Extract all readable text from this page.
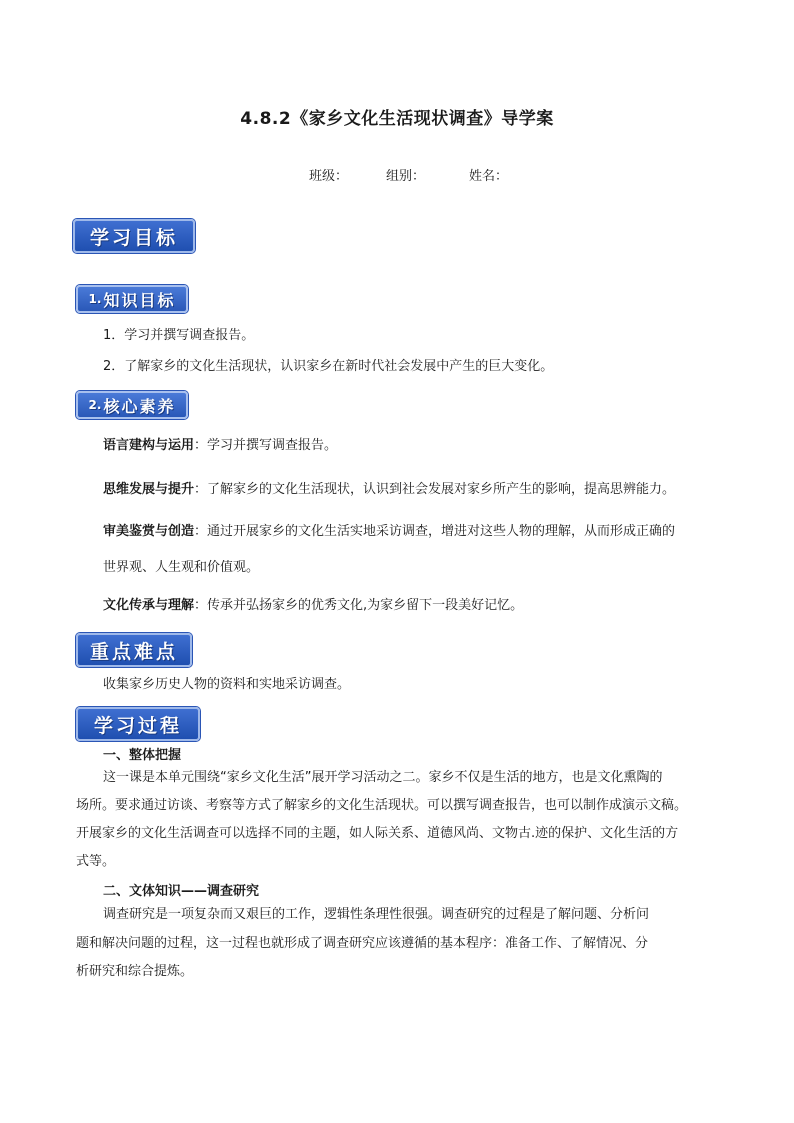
4.8.2《家乡文化生活现状调查》导学案
班级：	组别：	姓名：
学习目标
1. 知识目标
1．学习并撰写调查报告。
2．了解家乡的文化生活现状，认识家乡在新时代社会发展中产生的巨大变化。
2. 核心素养
语言建构与运用：学习并撰写调查报告。
思维发展与提升：了解家乡的文化生活现状，认识到社会发展对家乡所产生的影响，提高思辨能力。
审美鉴赏与创造：通过开展家乡的文化生活实地采访调查，增进对这些人物的理解，从而形成正确的
世界观、人生观和价值观。
文化传承与理解：传承并弘扬家乡的优秀文化,为家乡留下一段美好记忆。
重点难点
收集家乡历史人物的资料和实地采访调查。
学习过程
一、整体把握
这一课是本单元围绕“家乡文化生活”展开学习活动之二。家乡不仅是生活的地方，也是文化熏陶的
场所。要求通过访谈、考察等方式了解家乡的文化生活现状。可以撰写调查报告，也可以制作成演示文稿。
开展家乡的文化生活调查可以选择不同的主题，如人际关系、道德风尚、文物古.迹的保护、文化生活的方
式等。
二、文体知识——调查研究
调查研究是一项复杂而又艰巨的工作，逻辑性条理性很强。调查研究的过程是了解问题、分析问
题和解决问题的过程，这一过程也就形成了调查研究应该遵循的基本程序：准备工作、了解情况、分
析研究和综合提炼。
